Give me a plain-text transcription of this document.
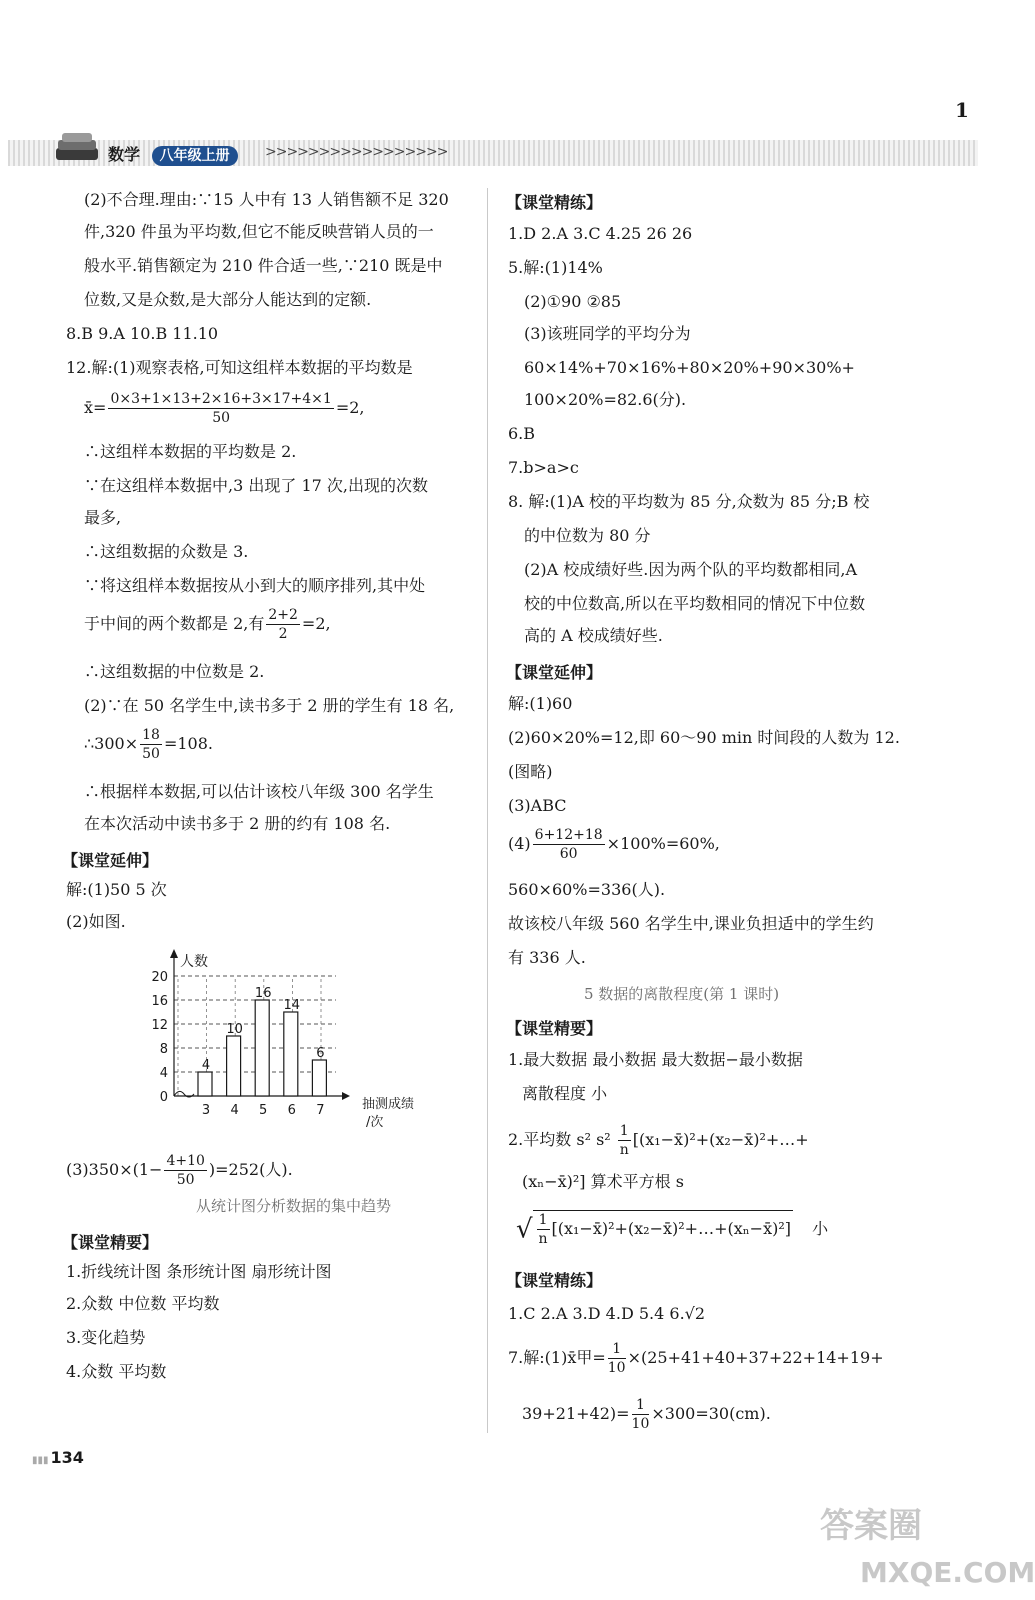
数学 八年级上册	>>>>>>>>>>>>>>>>>
1
(2)不合理.理由:∵15 人中有 13 人销售额不足 320
件,320 件虽为平均数,但它不能反映营销人员的一
般水平.销售额定为 210 件合适一些,∵210 既是中
位数,又是众数,是大部分人能达到的定额.
8.B 9.A 10.B 11.10
12.解:(1)观察表格,可知这组样本数据的平均数是
x̄= $\frac{0\times 3+1\times 13+2\times 16+3\times 17+4\times 1}{50} =2$,
∴这组样本数据的平均数是 2.
∵在这组样本数据中,3 出现了 17 次,出现的次数
最多,
∴这组数据的众数是 3.
∵将这组样本数据按从小到大的顺序排列,其中处
于中间的两个数都是 2,有 $\frac{2+2}{2} =2$,
∴这组数据的中位数是 2.
(2)∵在 50 名学生中,读书多于 2 册的学生有 18 名,
∴300× $\frac{18}{50} =108$.
∴根据样本数据,可以估计该校八年级 300 名学生
在本次活动中读书多于 2 册的约有 108 名.
【课堂延伸】
解:(1)50 5 次
(2)如图.
0
4
8
12
16
20
人数
抽测成绩
/次
4
3
10
4
16
5
14
6
6
7
$(3)350\times(1- \frac{4+10}{50} )=252$(人).
从统计图分析数据的集中趋势
【课堂精要】
1.折线统计图 条形统计图 扇形统计图
2.众数 中位数 平均数
3.变化趋势
4.众数 平均数
【课堂精练】
1.D 2.A 3.C 4.25 26 26
5.解:(1)14%
(2)①90 ②85
(3)该班同学的平均分为
60×14%+70×16%+80×20%+90×30%+
100×20%=82.6(分).
6.B
7.b>a>c
8. 解:(1)A 校的平均数为 85 分,众数为 85 分;B 校
的中位数为 80 分
(2)A 校成绩好些.因为两个队的平均数都相同,A
校的中位数高,所以在平均数相同的情况下中位数
高的 A 校成绩好些.
【课堂延伸】
解:(1)60
(2)60×20%=12,即 60～90 min 时间段的人数为 12.
(图略)
(3)ABC
$(4) \frac{6+12+18}{60} \times 100\%=60\%$,
560×60%=336(人).
故该校八年级 560 名学生中,课业负担适中的学生约
有 336 人.
5 数据的离散程度(第 1 课时)
【课堂精要】
1.最大数据 最小数据 最大数据−最小数据
离散程度 小
2.平均数 s² $s^2 \frac{1}{n}$ [(x₁−x̄)²+(x₂−x̄)²+…+
(xₙ−x̄)²] 算术平方根 s
√ $\frac{1}{n}$ [(x₁−x̄)²+(x₂−x̄)²+…+(xₙ−x̄)²] 小
【课堂精练】
1.C 2.A 3.D 4.D 5.4 6.√2
7.解:(1)x̄甲= $\frac{1}{10} \times(25+41+40+37+22+14+19+$
$39+21+42)= \frac{1}{10} \times 300=30(cm)$.
▮▮▮ 134
答案圈
MXQE.COM
